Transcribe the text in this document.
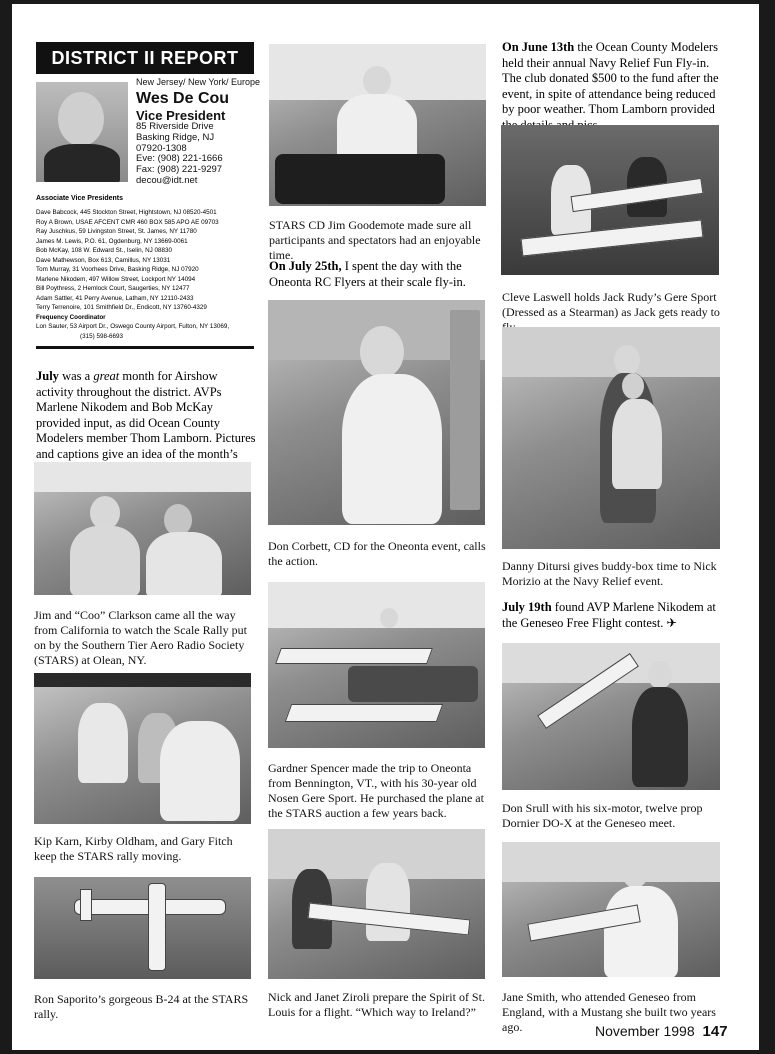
DISTRICT II REPORT
New Jersey/ New York/ Europe
Wes De Cou
Vice President
85 Riverside Drive
Basking Ridge, NJ
07920-1308
Eve: (908) 221-1666
Fax: (908) 221-9297
decou@idt.net
Associate Vice Presidents
Dave Babcock, 445 Stockton Street, Hightstown, NJ 08520-4501
Roy A Brown, USAE AFCENT CMR 460 BOX 585 APO AE 09703
Ray Juschkus, 59 Livingston Street, St. James, NY 11780
James M. Lewis, P.O. 61, Ogdenburg, NY 13669-0061
Bob McKay, 108 W. Edward St., Iselin, NJ 08830
Dave Mathewson, Box 613, Camillus, NY 13031
Tom Murray, 31 Voorhees Drive, Basking Ridge, NJ 07920
Marlene Nikodem, 497 Willow Street, Lockport NY 14094
Bill Poythress, 2 Hemlock Court, Saugerties, NY 12477
Adam Sattler, 41 Perry Avenue, Latham, NY 12110-2433
Terry Terrenoire, 101 Smithfield Dr., Endicott, NY 13760-4329
Frequency Coordinator
Lon Sauter, 53 Airport Dr., Oswego County Airport, Fulton, NY 13069,
(315) 598-6693
July was a great month for Airshow activity throughout the district. AVPs Marlene Nikodem and Bob McKay provided input, as did Ocean County Modelers member Thom Lamborn. Pictures and captions give an idea of the month’s
Jim and “Coo” Clarkson came all the way from California to watch the Scale Rally put on by the Southern Tier Aero Radio Society (STARS) at Olean, NY.
Kip Karn, Kirby Oldham, and Gary Fitch keep the STARS rally moving.
Ron Saporito’s gorgeous B-24 at the STARS rally.
STARS CD Jim Goodemote made sure all participants and spectators had an enjoyable time.
On July 25th, I spent the day with the Oneonta RC Flyers at their scale fly-in.
Don Corbett, CD for the Oneonta event, calls the action.
Gardner Spencer made the trip to Oneonta from Bennington, VT., with his 30-year old Nosen Gere Sport. He purchased the plane at the STARS auction a few years back.
Nick and Janet Ziroli prepare the Spirit of St. Louis for a flight. “Which way to Ireland?”
On June 13th the Ocean County Modelers held their annual Navy Relief Fun Fly-in. The club donated $500 to the fund after the event, in spite of attendance being reduced by poor weather. Thom Lamborn provided
Cleve Laswell holds Jack Rudy’s Gere Sport (Dressed as a Stearman) as Jack gets ready to
Danny Ditursi gives buddy-box time to Nick Morizio at the Navy Relief event.
July 19th found AVP Marlene Nikodem at the Geneseo Free Flight contest. ✈
Don Srull with his six-motor, twelve prop Dornier DO-X at the Geneseo meet.
Jane Smith, who attended Geneseo from England, with a Mustang she built two years ago.	November 1998 147
